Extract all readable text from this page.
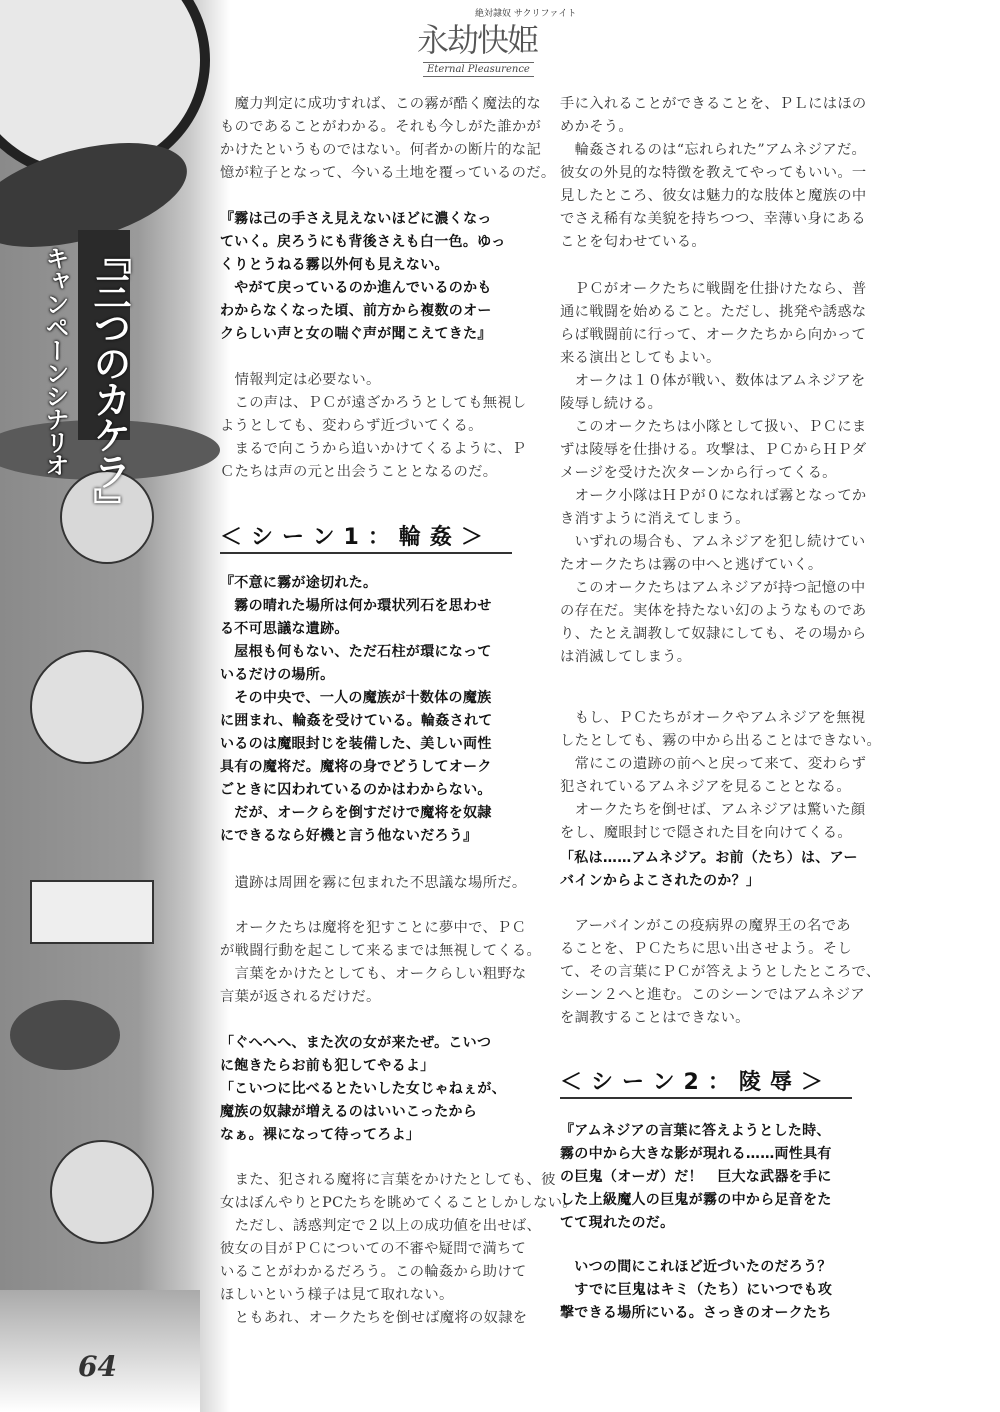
『三つのカケラ』
キャンペーンシナリオ
64
絶対隷奴 サクリファイト
永劫快姫
Eternal Pleasurence
　魔力判定に成功すれば、この霧が酷く魔法的な
ものであることがわかる。それも今しがた誰かが
かけたというものではない。何者かの断片的な記
憶が粒子となって、今いる土地を覆っているのだ。
『霧は己の手さえ見えないほどに濃くなっ
ていく。戻ろうにも背後さえも白一色。ゆっ
くりとうねる霧以外何も見えない。
　やがて戻っているのか進んでいるのかも
わからなくなった頃、前方から複数のオー
クらしい声と女の喘ぐ声が聞こえてきた』
　情報判定は必要ない。
　この声は、ＰＣが遠ざかろうとしても無視し
ようとしても、変わらず近づいてくる。
　まるで向こうから追いかけてくるように、Ｐ
Ｃたちは声の元と出会うこととなるのだ。
＜シーン1：輪姦＞
『不意に霧が途切れた。
　霧の晴れた場所は何か環状列石を思わせ
る不可思議な遺跡。
　屋根も何もない、ただ石柱が環になって
いるだけの場所。
　その中央で、一人の魔族が十数体の魔族
に囲まれ、輪姦を受けている。輪姦されて
いるのは魔眼封じを装備した、美しい両性
具有の魔将だ。魔将の身でどうしてオーク
ごときに囚われているのかはわからない。
　だが、オークらを倒すだけで魔将を奴隷
にできるなら好機と言う他ないだろう』
　遺跡は周囲を霧に包まれた不思議な場所だ。
　オークたちは魔将を犯すことに夢中で、ＰＣ
が戦闘行動を起こして来るまでは無視してくる。
　言葉をかけたとしても、オークらしい粗野な
言葉が返されるだけだ。
「ぐへへへ、また次の女が来たぜ。こいつ
に飽きたらお前も犯してやるよ」
「こいつに比べるとたいした女じゃねぇが、
魔族の奴隷が増えるのはいいこったから
なぁ。裸になって待ってろよ」
　また、犯される魔将に言葉をかけたとしても、彼
女はぼんやりとPCたちを眺めてくることしかしない。
　ただし、誘惑判定で２以上の成功値を出せば、
彼女の目がＰＣについての不審や疑問で満ちて
いることがわかるだろう。この輪姦から助けて
ほしいという様子は見て取れない。
　ともあれ、オークたちを倒せば魔将の奴隷を
手に入れることができることを、ＰＬにはほの
めかそう。
　輪姦されるのは“忘れられた”アムネジアだ。
彼女の外見的な特徴を教えてやってもいい。一
見したところ、彼女は魅力的な肢体と魔族の中
でさえ稀有な美貌を持ちつつ、幸薄い身にある
ことを匂わせている。
　ＰＣがオークたちに戦闘を仕掛けたなら、普
通に戦闘を始めること。ただし、挑発や誘惑な
らば戦闘前に行って、オークたちから向かって
来る演出としてもよい。
　オークは１０体が戦い、数体はアムネジアを
陵辱し続ける。
　このオークたちは小隊として扱い、ＰＣにま
ずは陵辱を仕掛ける。攻撃は、ＰＣからＨＰダ
メージを受けた次ターンから行ってくる。
　オーク小隊はＨＰが０になれば霧となってか
き消すように消えてしまう。
　いずれの場合も、アムネジアを犯し続けてい
たオークたちは霧の中へと逃げていく。
　このオークたちはアムネジアが持つ記憶の中
の存在だ。実体を持たない幻のようなものであ
り、たとえ調教して奴隷にしても、その場から
は消滅してしまう。
　もし、ＰＣたちがオークやアムネジアを無視
したとしても、霧の中から出ることはできない。
　常にこの遺跡の前へと戻って来て、変わらず
犯されているアムネジアを見ることとなる。
　オークたちを倒せば、アムネジアは驚いた顔
をし、魔眼封じで隠された目を向けてくる。
「私は……アムネジア。お前（たち）は、アー
バインからよこされたのか？」
　アーバインがこの疫病界の魔界王の名であ
ることを、ＰＣたちに思い出させよう。そし
て、その言葉にＰＣが答えようとしたところで、
シーン２へと進む。このシーンではアムネジア
を調教することはできない。
＜シーン2：陵辱＞
『アムネジアの言葉に答えようとした時、
霧の中から大きな影が現れる……両性具有
の巨鬼（オーガ）だ！　巨大な武器を手に
した上級魔人の巨鬼が霧の中から足音をた
てて現れたのだ。
　いつの間にこれほど近づいたのだろう？
　すでに巨鬼はキミ（たち）にいつでも攻
撃できる場所にいる。さっきのオークたち
